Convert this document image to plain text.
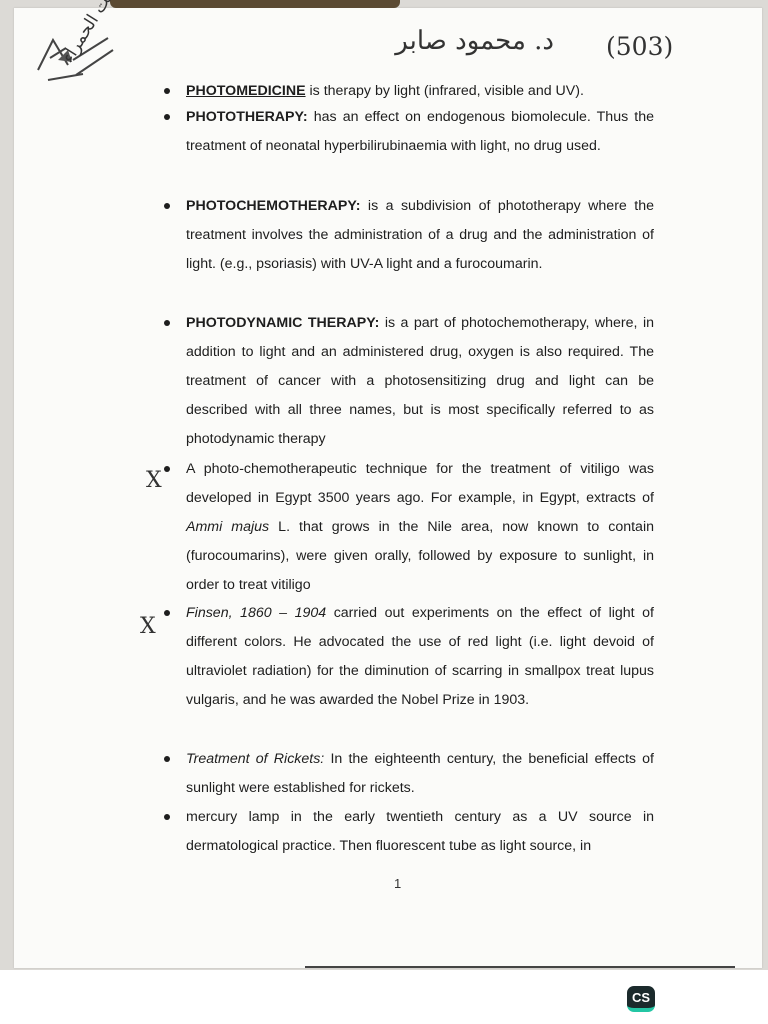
د. محمود صابر (503)
PHOTOMEDICINE is therapy by light (infrared, visible and UV).
PHOTOTHERAPY: has an effect on endogenous biomolecule. Thus the treatment of neonatal hyperbilirubinaemia with light, no drug used.
PHOTOCHEMOTHERAPY: is a subdivision of phototherapy where the treatment involves the administration of a drug and the administration of light. (e.g., psoriasis) with UV-A light and a furocoumarin.
PHOTODYNAMIC THERAPY: is a part of photochemotherapy, where, in addition to light and an administered drug, oxygen is also required. The treatment of cancer with a photosensitizing drug and light can be described with all three names, but is most specifically referred to as photodynamic therapy
A photo-chemotherapeutic technique for the treatment of vitiligo was developed in Egypt 3500 years ago. For example, in Egypt, extracts of Ammi majus L. that grows in the Nile area, now known to contain (furocoumarins), were given orally, followed by exposure to sunlight, in order to treat vitiligo
Finsen, 1860 – 1904 carried out experiments on the effect of light of different colors. He advocated the use of red light (i.e. light devoid of ultraviolet radiation) for the diminution of scarring in smallpox treat lupus vulgaris, and he was awarded the Nobel Prize in 1903.
Treatment of Rickets: In the eighteenth century, the beneficial effects of sunlight were established for rickets.
mercury lamp in the early twentieth century as a UV source in dermatological practice. Then fluorescent tube as light source, in
X
X
1
CS
